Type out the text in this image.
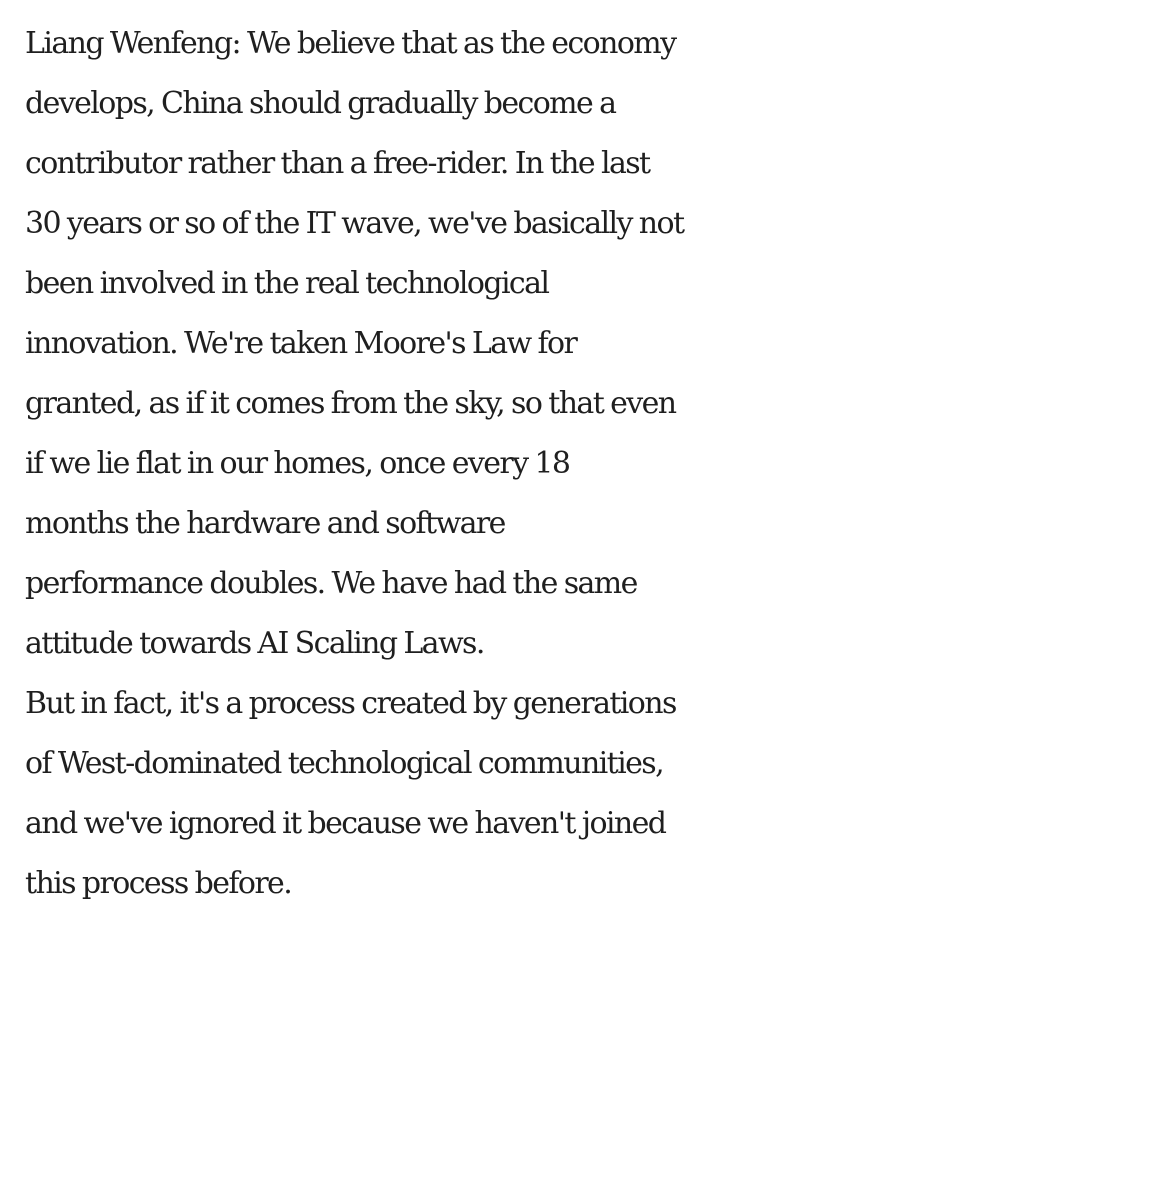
Liang Wenfeng: We believe that as the economy
develops, China should gradually become a
contributor rather than a free-rider. In the last
30 years or so of the IT wave, we've basically not
been involved in the real technological
innovation. We're taken Moore's Law for
granted, as if it comes from the sky, so that even
if we lie flat in our homes, once every 18
months the hardware and software
performance doubles. We have had the same
attitude towards AI Scaling Laws.
But in fact, it's a process created by generations
of West-dominated technological communities,
and we've ignored it because we haven't joined
this process before.
